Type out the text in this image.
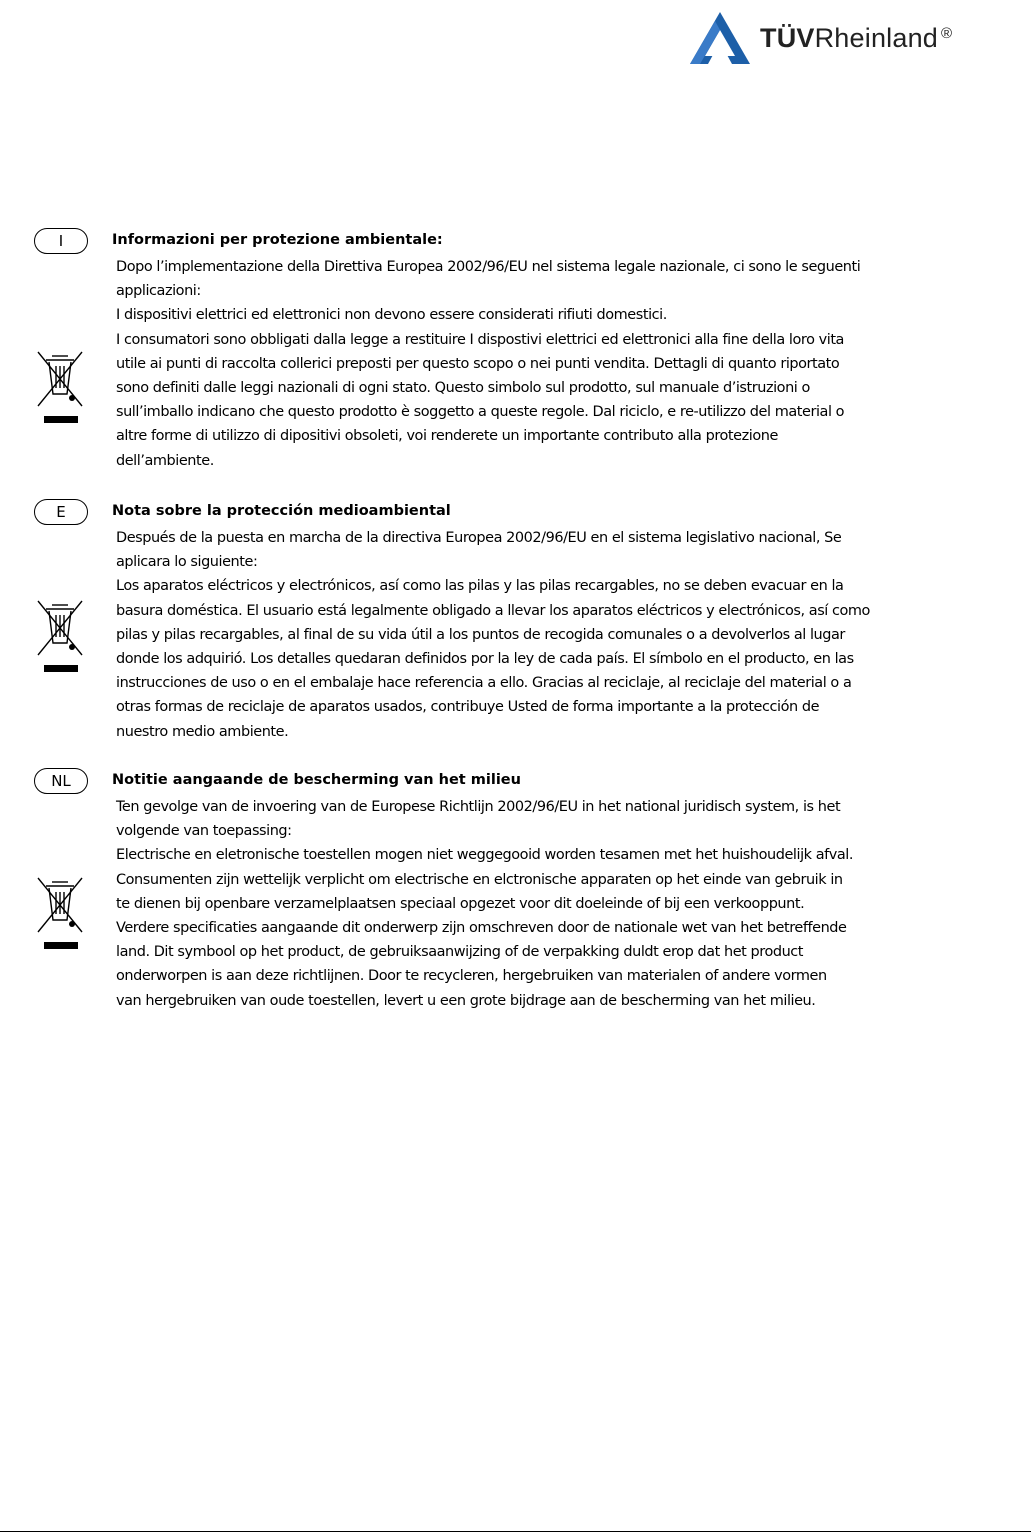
TÜVRheinland ®
I	Informazioni per protezione ambientale:

Dopo l’implementazione della Direttiva Europea 2002/96/EU nel sistema legale nazionale, ci sono le seguenti

applicazioni:

I dispositivi elettrici ed elettronici non devono essere considerati rifiuti domestici.

I consumatori sono obbligati dalla legge a restituire I dispostivi elettrici ed elettronici alla fine della loro vita

utile ai punti di raccolta collerici preposti per questo scopo o nei punti vendita. Dettagli di quanto riportato

sono definiti dalle leggi nazionali di ogni stato. Questo simbolo sul prodotto, sul manuale d’istruzioni o

sull’imballo indicano che questo prodotto è soggetto a queste regole. Dal riciclo, e re-utilizzo del material o

altre forme di utilizzo di dipositivi obsoleti, voi renderete un importante contributo alla protezione

dell’ambiente.

E	Nota sobre la protección medioambiental

Después de la puesta en marcha de la directiva Europea 2002/96/EU en el sistema legislativo nacional, Se

aplicara lo siguiente:

Los aparatos eléctricos y electrónicos, así como las pilas y las pilas recargables, no se deben evacuar en la

basura doméstica. El usuario está legalmente obligado a llevar los aparatos eléctricos y electrónicos, así como

pilas y pilas recargables, al final de su vida útil a los puntos de recogida comunales o a devolverlos al lugar

donde los adquirió. Los detalles quedaran definidos por la ley de cada país. El símbolo en el producto, en las

instrucciones de uso o en el embalaje hace referencia a ello. Gracias al reciclaje, al reciclaje del material o a

otras formas de reciclaje de aparatos usados, contribuye Usted de forma importante a la protección de

nuestro medio ambiente.

NL	Notitie aangaande de bescherming van het milieu

Ten gevolge van de invoering van de Europese Richtlijn 2002/96/EU in het national juridisch system, is het

volgende van toepassing:

Electrische en eletronische toestellen mogen niet weggegooid worden tesamen met het huishoudelijk afval.

Consumenten zijn wettelijk verplicht om electrische en elctronische apparaten op het einde van gebruik in

te dienen bij openbare verzamelplaatsen speciaal opgezet voor dit doeleinde of bij een verkooppunt.

Verdere specificaties aangaande dit onderwerp zijn omschreven door de nationale wet van het betreffende

land. Dit symbool op het product, de gebruiksaanwijzing of de verpakking duldt erop dat het product

onderworpen is aan deze richtlijnen. Door te recycleren, hergebruiken van materialen of andere vormen

van hergebruiken van oude toestellen, levert u een grote bijdrage aan de bescherming van het milieu.
